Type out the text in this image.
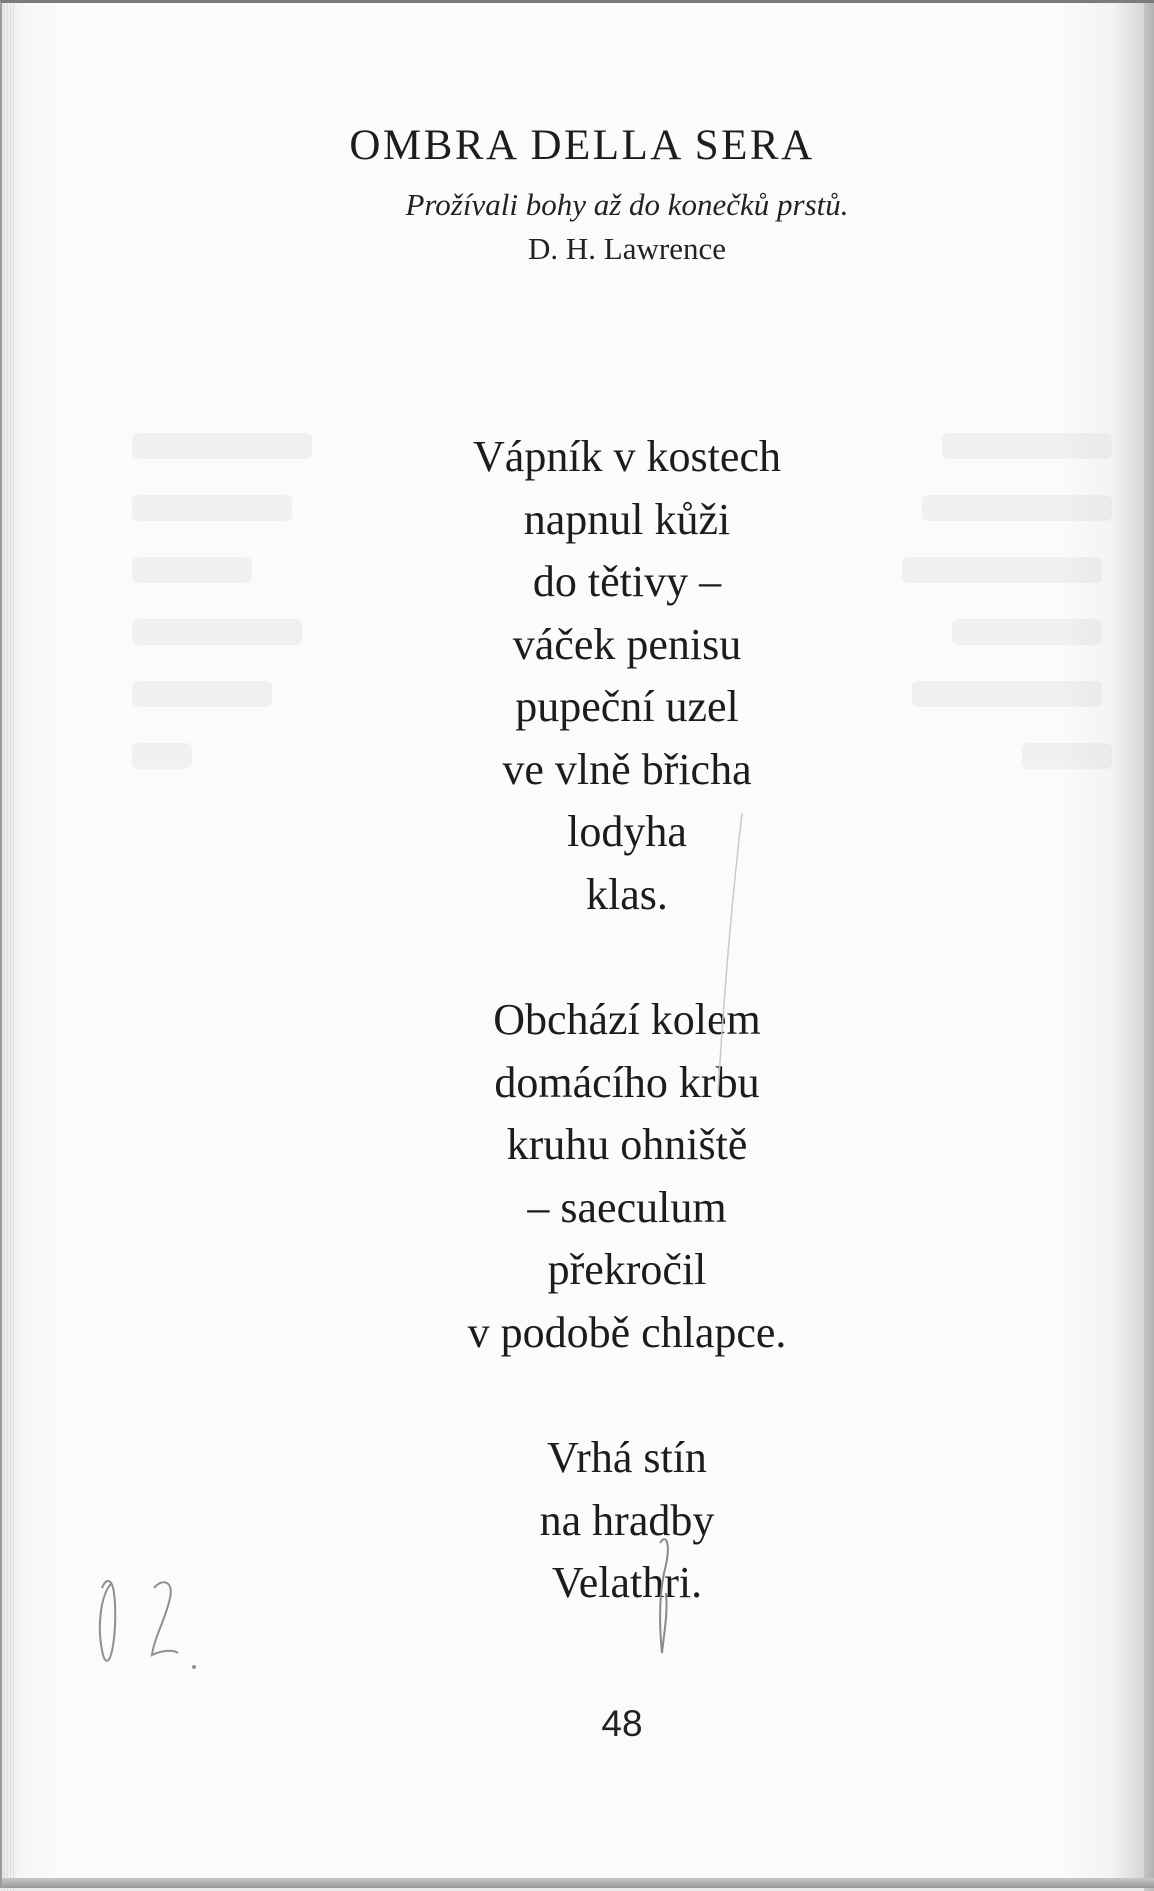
OMBRA DELLA SERA
Prožívali bohy až do konečků prstů.
D. H. Lawrence
Vápník v kostech
napnul kůži
do tětivy –
váček penisu
pupeční uzel
ve vlně břicha
lodyha
klas.
Obchází kolem
domácího krbu
kruhu ohniště
– saeculum
překročil
v podobě chlapce.
Vrhá stín
na hradby
Velathri.
48
